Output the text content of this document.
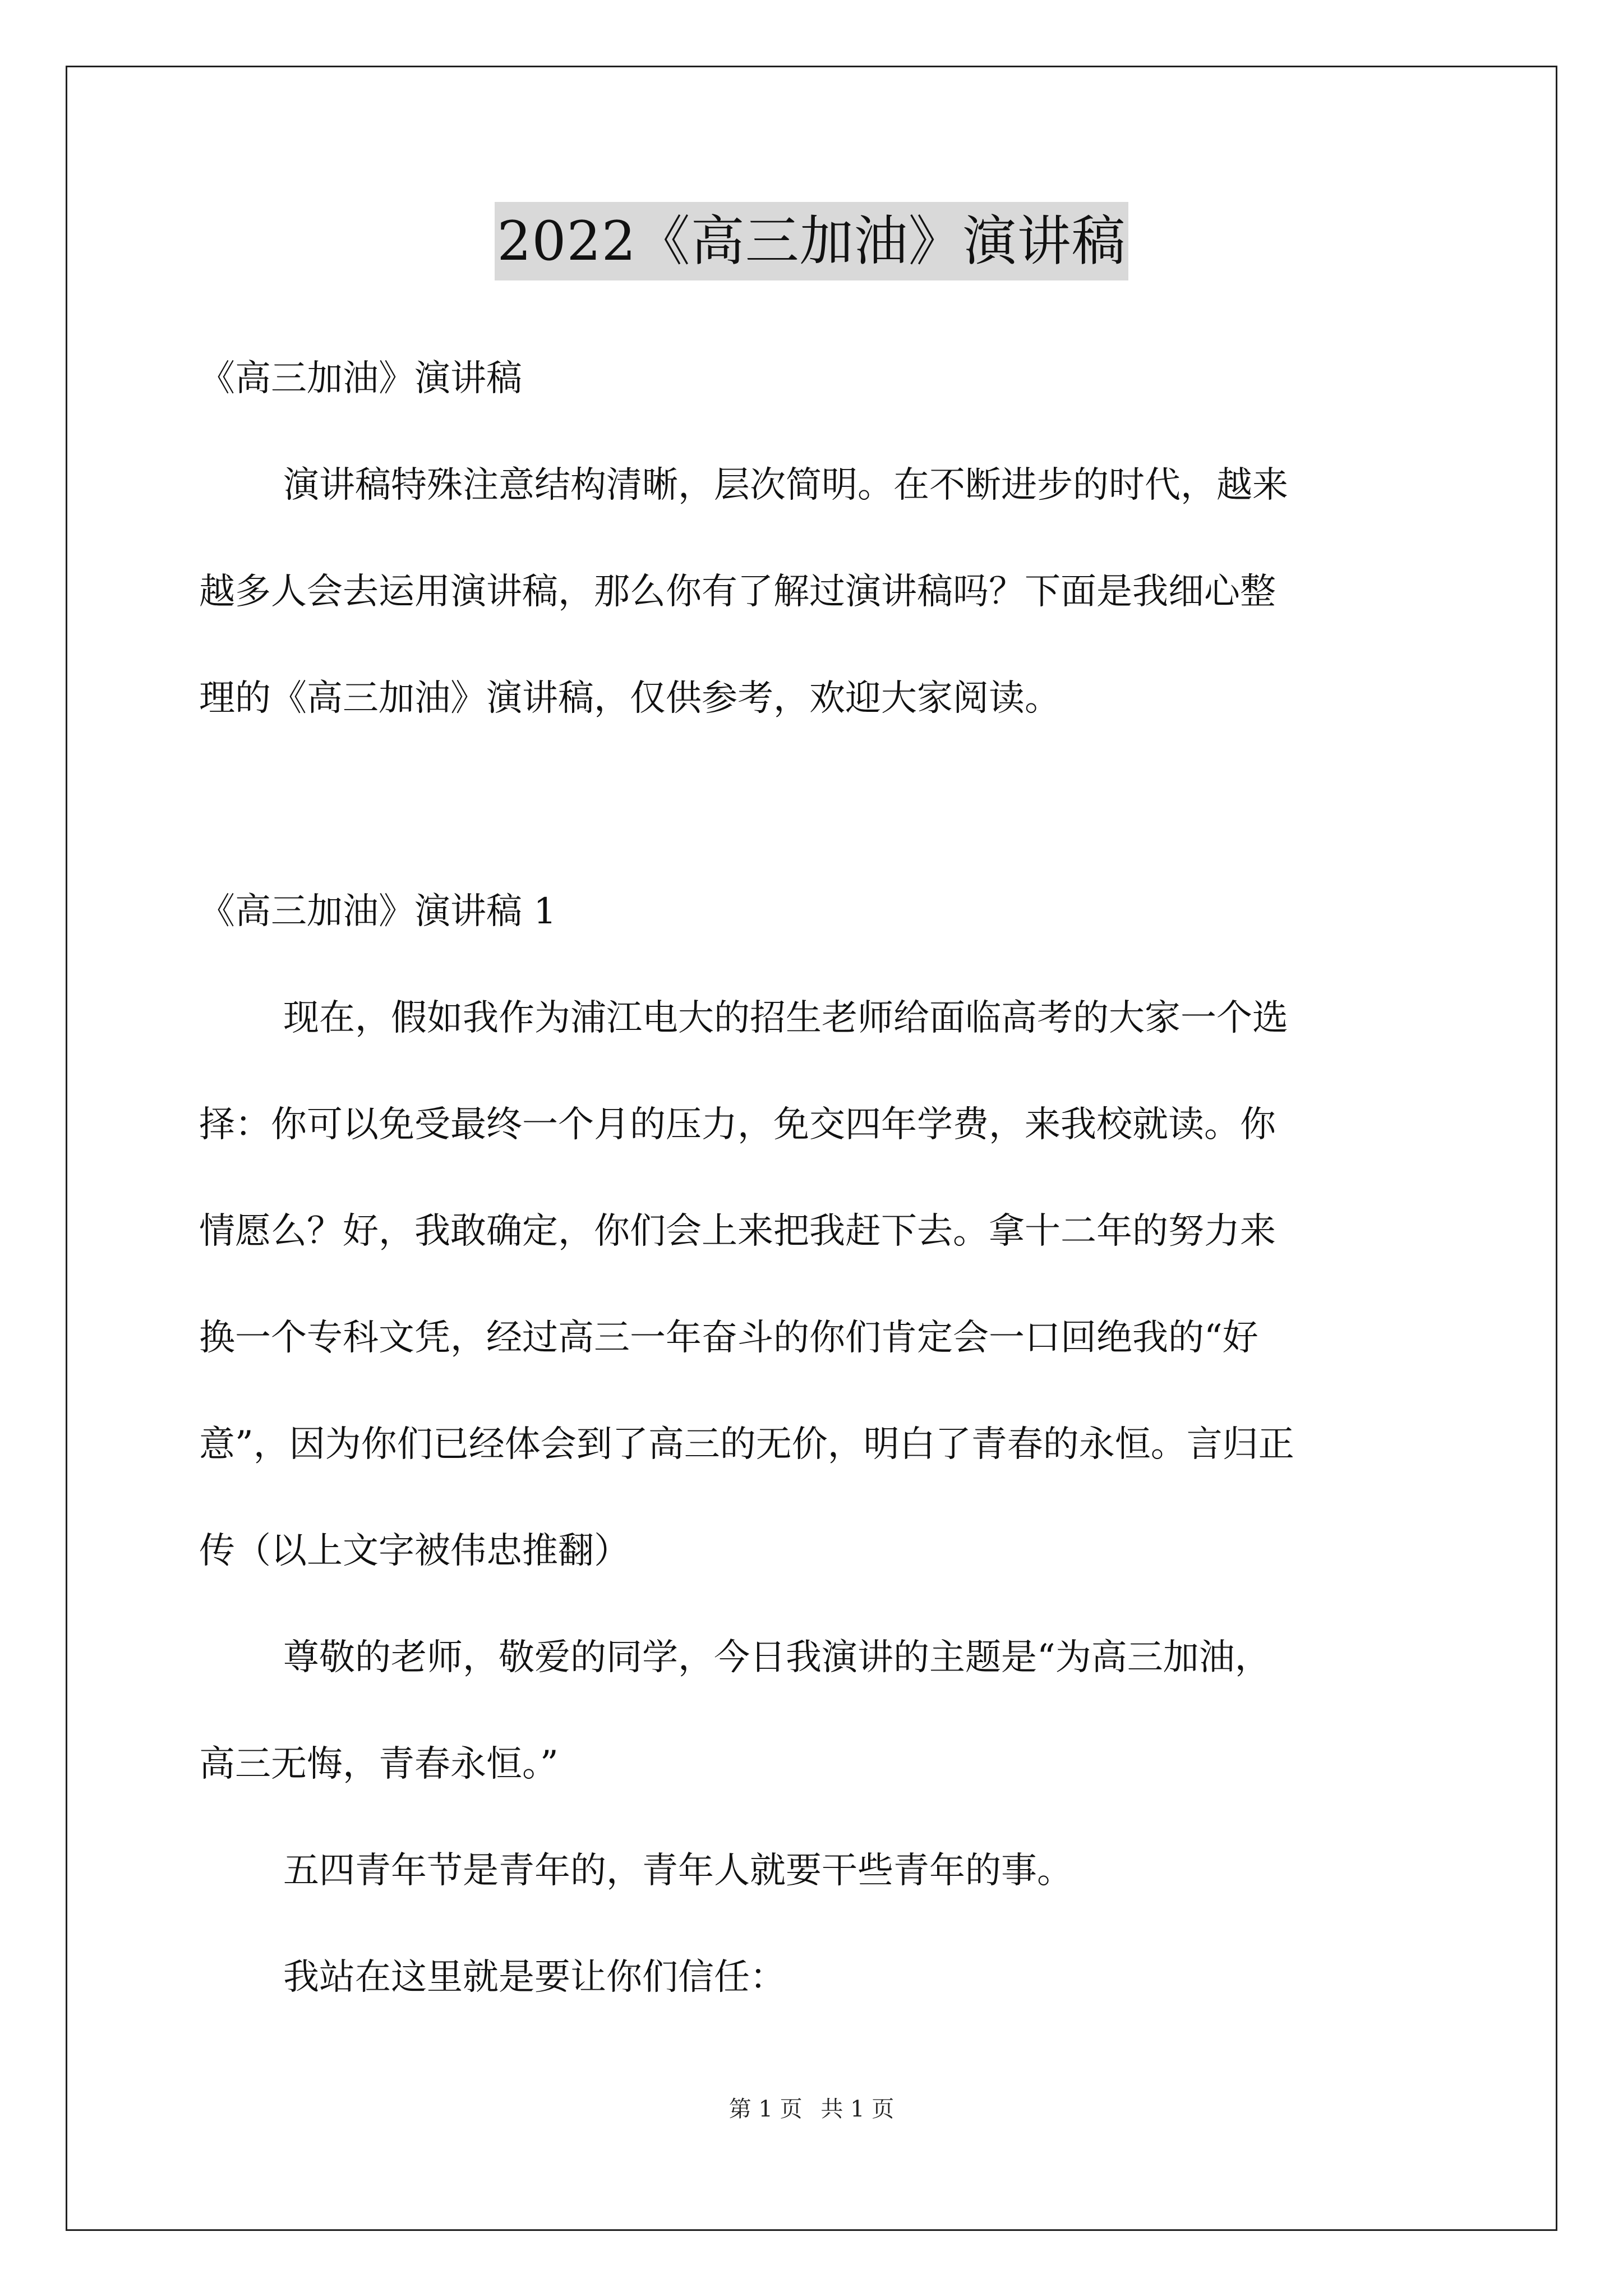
2022《高三加油》演讲稿
《高三加油》演讲稿
演讲稿特殊注意结构清晰，层次简明。在不断进步的时代，越来
越多人会去运用演讲稿，那么你有了解过演讲稿吗？下面是我细心整
理的《高三加油》演讲稿，仅供参考，欢迎大家阅读。
《高三加油》演讲稿 1
现在，假如我作为浦江电大的招生老师给面临高考的大家一个选
择：你可以免受最终一个月的压力，免交四年学费，来我校就读。你
情愿么？好，我敢确定，你们会上来把我赶下去。拿十二年的努力来
换一个专科文凭，经过高三一年奋斗的你们肯定会一口回绝我的“好
意”，因为你们已经体会到了高三的无价，明白了青春的永恒。言归正
传（以上文字被伟忠推翻）
尊敬的老师，敬爱的同学，今日我演讲的主题是“为高三加油，
高三无悔，青春永恒。”
五四青年节是青年的，青年人就要干些青年的事。
我站在这里就是要让你们信任：
第 1 页 共 1 页
